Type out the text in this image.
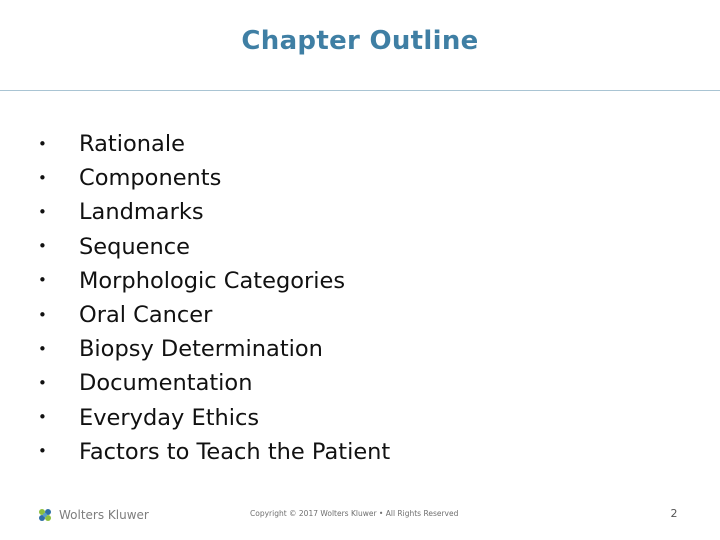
Chapter Outline
•	Rationale
•	Components
•	Landmarks
•	Sequence
•	Morphologic Categories
•	Oral Cancer
•	Biopsy Determination
•	Documentation
•	Everyday Ethics
•	Factors to Teach the Patient
Wolters Kluwer	Copyright © 2017 Wolters Kluwer • All Rights Reserved	2
